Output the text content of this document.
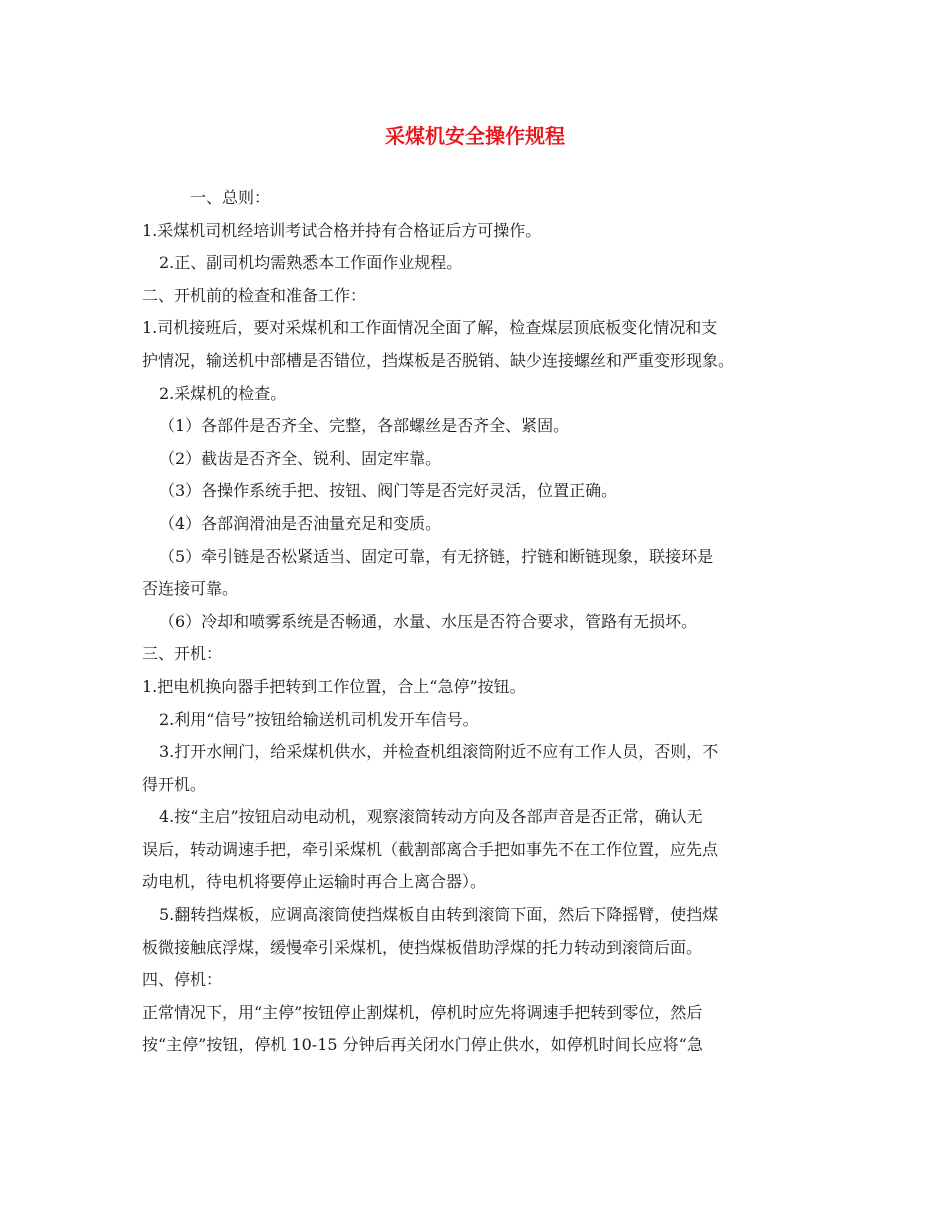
采煤机安全操作规程
一、总则：
1.采煤机司机经培训考试合格并持有合格证后方可操作。
2.正、副司机均需熟悉本工作面作业规程。
二、开机前的检查和准备工作：
1.司机接班后，要对采煤机和工作面情况全面了解，检查煤层顶底板变化情况和支
护情况，输送机中部槽是否错位，挡煤板是否脱销、缺少连接螺丝和严重变形现象。
2.采煤机的检查。
（1）各部件是否齐全、完整，各部螺丝是否齐全、紧固。
（2）截齿是否齐全、锐利、固定牢靠。
（3）各操作系统手把、按钮、阀门等是否完好灵活，位置正确。
（4）各部润滑油是否油量充足和变质。
（5）牵引链是否松紧适当、固定可靠，有无挤链，拧链和断链现象，联接环是
否连接可靠。
（6）冷却和喷雾系统是否畅通，水量、水压是否符合要求，管路有无损坏。
三、开机：
1.把电机换向器手把转到工作位置，合上“急停”按钮。
2.利用“信号”按钮给输送机司机发开车信号。
3.打开水闸门，给采煤机供水，并检查机组滚筒附近不应有工作人员，否则，不
得开机。
4.按“主启”按钮启动电动机，观察滚筒转动方向及各部声音是否正常，确认无
误后，转动调速手把，牵引采煤机（截割部离合手把如事先不在工作位置，应先点
动电机，待电机将要停止运输时再合上离合器）。
5.翻转挡煤板，应调高滚筒使挡煤板自由转到滚筒下面，然后下降摇臂，使挡煤
板微接触底浮煤，缓慢牵引采煤机，使挡煤板借助浮煤的托力转动到滚筒后面。
四、停机：
正常情况下，用“主停”按钮停止割煤机，停机时应先将调速手把转到零位，然后
按“主停”按钮，停机 10-15 分钟后再关闭水门停止供水，如停机时间长应将“急
